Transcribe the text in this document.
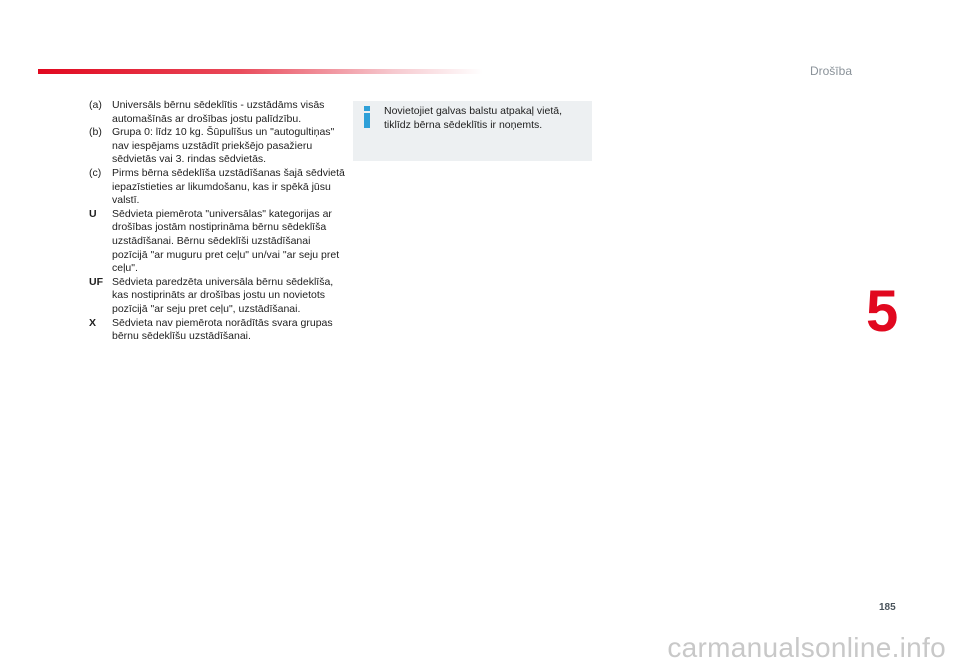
Drošība
5
(a) Universāls bērnu sēdeklītis - uzstādāms visās automašīnās ar drošības jostu palīdzību.
(b) Grupa 0: līdz 10 kg. Šūpulīšus un "autogultiņas" nav iespējams uzstādīt priekšējo pasažieru sēdvietās vai 3. rindas sēdvietās.
(c)	Pirms bērna sēdeklīša uzstādīšanas šajā sēdvietā iepazīstieties ar likumdošanu, kas ir spēkā jūsu valstī.
U	Sēdvieta piemērota "universālas" kategorijas ar drošības jostām nostiprināma bērnu sēdeklīša uzstādīšanai. Bērnu sēdeklīši uzstādīšanai pozīcijā "ar muguru pret ceļu" un/vai "ar seju pret ceļu".
UF Sēdvieta paredzēta universāla bērnu sēdeklīša, kas nostiprināts ar drošības jostu un novietots pozīcijā "ar seju pret ceļu", uzstādīšanai.
X	Sēdvieta nav piemērota norādītās svara grupas bērnu sēdeklīšu uzstādīšanai.
Novietojiet galvas balstu atpakaļ vietā, tiklīdz bērna sēdeklītis ir noņemts.
185
carmanualsonline.info
